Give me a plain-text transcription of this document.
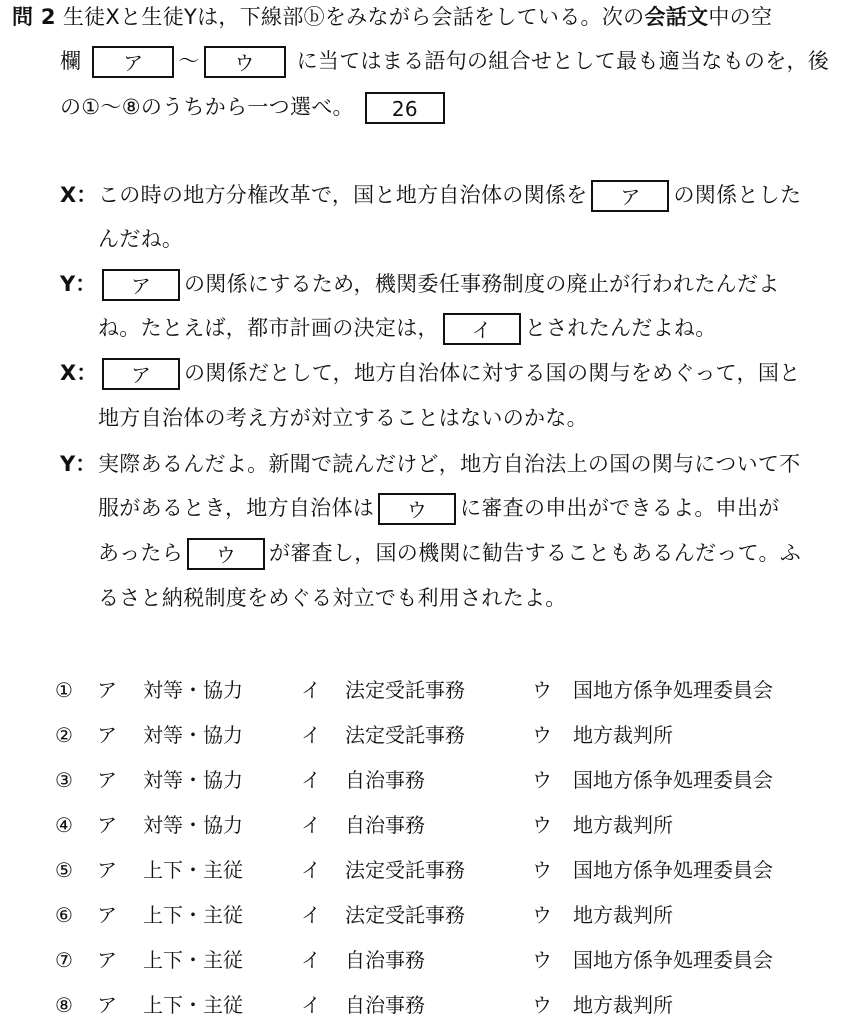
問 2 生徒Xと生徒Yは，下線部ⓑをみながら会話をしている。次の会話文中の空
欄 ア ～ ウ に当てはまる語句の組合せとして最も適当なものを，後
の①～⑧のうちから一つ選べ。 26
X： この時の地方分権改革で，国と地方自治体の関係を ア の関係とした
んだね。
Y：	ア の関係にするため，機関委任事務制度の廃止が行われたんだよ
ね。たとえば，都市計画の決定は， イ とされたんだよね。
X：	ア の関係だとして，地方自治体に対する国の関与をめぐって，国と
地方自治体の考え方が対立することはないのかな。
Y： 実際あるんだよ。新聞で読んだけど，地方自治法上の国の関与について不
服があるとき，地方自治体は ウ に審査の申出ができるよ。申出が
あったら ウ が審査し，国の機関に勧告することもあるんだって。ふ
るさと納税制度をめぐる対立でも利用されたよ。
① ア 対等・協力	イ 法定受託事務	ウ 国地方係争処理委員会
② ア 対等・協力	イ 法定受託事務	ウ 地方裁判所
③ ア 対等・協力	イ 自治事務	ウ 国地方係争処理委員会
④ ア 対等・協力	イ 自治事務	ウ 地方裁判所
⑤ ア 上下・主従	イ 法定受託事務	ウ 国地方係争処理委員会
⑥ ア 上下・主従	イ 法定受託事務	ウ 地方裁判所
⑦ ア 上下・主従	イ 自治事務	ウ 国地方係争処理委員会
⑧ ア 上下・主従	イ 自治事務	ウ 地方裁判所
